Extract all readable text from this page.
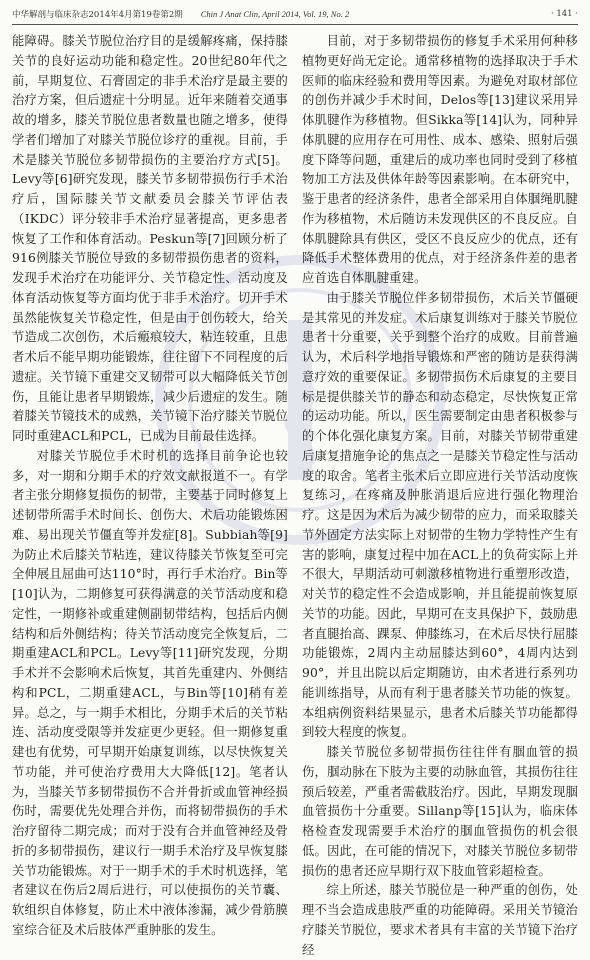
中华解剖与临床杂志2014年4月第19卷第2期 Chin J Anat Clin, April 2014, Vol. 19, No. 2	· 141 ·

能障碍。膝关节脱位治疗目的是缓解疼痛，保持膝关节的良好运动功能和稳定性。20世纪80年代之前，早期复位、石膏固定的非手术治疗是最主要的治疗方案，但后遗症十分明显。近年来随着交通事故的增多，膝关节脱位患者数量也随之增多，使得学者们增加了对膝关节脱位诊疗的重视。目前，手术是膝关节脱位多韧带损伤的主要治疗方式[5]。Levy等[6]研究发现，膝关节多韧带损伤行手术治疗后，国际膝关节文献委员会膝关节评估表（IKDC）评分较非手术治疗显著提高，更多患者恢复了工作和体育活动。Peskun等[7]回顾分析了916例膝关节脱位导致的多韧带损伤患者的资料，发现手术治疗在功能评分、关节稳定性、活动度及体育活动恢复等方面均优于非手术治疗。切开手术虽然能恢复关节稳定性，但是由于创伤较大，给关节造成二次创伤，术后瘢痕较大，粘连较重，且患者术后不能早期功能锻炼，往往留下不同程度的后遗症。关节镜下重建交叉韧带可以大幅降低关节创伤，且能让患者早期锻炼，减少后遗症的发生。随着膝关节镜技术的成熟，关节镜下治疗膝关节脱位同时重建ACL和PCL，已成为目前最佳选择。

对膝关节脱位手术时机的选择目前争论也较多，对一期和分期手术的疗效文献报道不一。有学者主张分期修复损伤的韧带，主要基于同时修复上述韧带所需手术时间长、创伤大、术后功能锻炼困难、易出现关节僵直等并发症[8]。Subbiah等[9]为防止术后膝关节粘连，建议待膝关节恢复至可完全伸展且屈曲可达110°时，再行手术治疗。Bin等[10]认为，二期修复可获得满意的关节活动度和稳定性，一期修补或重建侧副韧带结构，包括后内侧结构和后外侧结构；待关节活动度完全恢复后，二期重建ACL和PCL。Levy等[11]研究发现，分期手术并不会影响术后恢复，其首先重建内、外侧结构和PCL，二期重建ACL，与Bin等[10]稍有差异。总之，与一期手术相比，分期手术后的关节粘连、活动度受限等并发症更少更轻。但一期修复重建也有优势，可早期开始康复训练，以尽快恢复关节功能，并可使治疗费用大大降低[12]。笔者认为，当膝关节多韧带损伤不合并骨折或血管神经损伤时，需要优先处理合并伤，而将韧带损伤的手术治疗留待二期完成；而对于没有合并血管神经及骨折的多韧带损伤，建议行一期手术治疗及早恢复膝关节功能锻炼。对于一期手术的手术时机选择，笔者建议在伤后2周后进行，可以使损伤的关节囊、软组织自体修复，防止术中液体渗漏，减少骨筋膜室综合征及术后肢体严重肿胀的发生。

目前，对于多韧带损伤的修复手术采用何种移植物更好尚无定论。通常移植物的选择取决于手术医师的临床经验和费用等因素。为避免对取材部位的创伤并减少手术时间，Delos等[13]建议采用异体肌腱作为移植物。但Sikka等[14]认为，同种异体肌腱的应用存在可用性、成本、感染、照射后强度下降等问题，重建后的成功率也同时受到了移植物加工方法及供体年龄等因素影响。在本研究中，鉴于患者的经济条件，患者全部采用自体腘绳肌腱作为移植物，术后随访未发现供区的不良反应。自体肌腱除具有供区，受区不良反应少的优点，还有降低手术整体费用的优点，对于经济条件差的患者应首选自体肌腱重建。

由于膝关节脱位伴多韧带损伤，术后关节僵硬是其常见的并发症。术后康复训练对于膝关节脱位患者十分重要，关乎到整个治疗的成败。目前普遍认为，术后科学地指导锻炼和严密的随访是获得满意疗效的重要保证。多韧带损伤术后康复的主要目标是提供膝关节的静态和动态稳定，尽快恢复正常的运动功能。所以，医生需要制定由患者积极参与的个体化强化康复方案。目前，对膝关节韧带重建后康复措施争论的焦点之一是膝关节稳定性与活动度的取舍。笔者主张术后立即应进行关节活动度恢复练习，在疼痛及肿胀消退后应进行强化物理治疗。这是因为术后为减少韧带的应力，而采取膝关节外固定方法实际上对韧带的生物力学特性产生有害的影响，康复过程中加在ACL上的负荷实际上并不很大，早期活动可刺激移植物进行重塑形改造，对关节的稳定性不会造成影响，并且能提前恢复原关节的功能。因此，早期可在支具保护下，鼓励患者直腿抬高、踝泵、伸膝练习，在术后尽快行屈膝功能锻炼，2周内主动屈膝达到60°，4周内达到90°，并且出院以后定期随访，由术者进行系列功能训练指导，从而有利于患者膝关节功能的恢复。本组病例资料结果显示，患者术后膝关节功能都得到较大程度的恢复。

膝关节脱位多韧带损伤往往伴有腘血管的损伤，腘动脉在下肢为主要的动脉血管，其损伤往往预后较差，严重者需截肢治疗。因此，早期发现腘血管损伤十分重要。Sillanp等[15]认为，临床体格检查发现需要手术治疗的腘血管损伤的机会很低。因此，在可能的情况下，对膝关节脱位多韧带损伤的患者还应早期行双下肢血管彩超检查。

综上所述，膝关节脱位是一种严重的创伤，处理不当会造成患肢严重的功能障碍。采用关节镜治疗膝关节脱位，要求术者具有丰富的关节镜下治疗经
